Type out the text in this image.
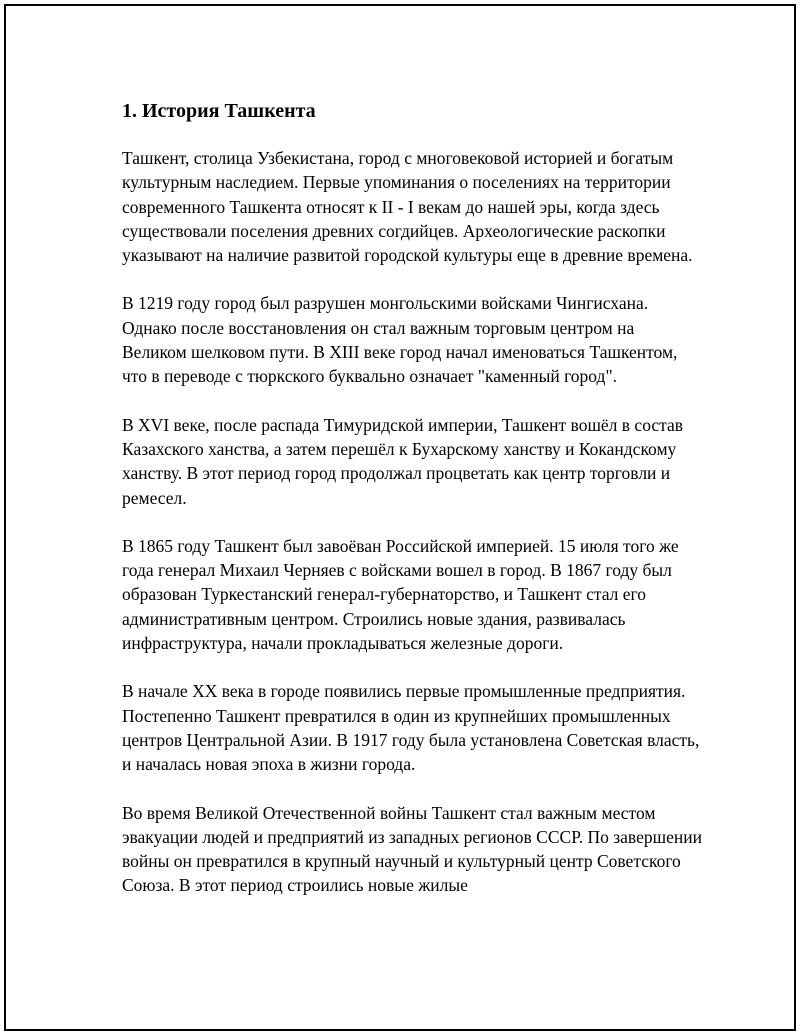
1. История Ташкента

Ташкент, столица Узбекистана, город с многовековой историей и богатым культурным наследием. Первые упоминания о поселениях на территории современного Ташкента относят к II - I векам до нашей эры, когда здесь существовали поселения древних согдийцев. Археологические раскопки указывают на наличие развитой городской культуры еще в древние времена.

В 1219 году город был разрушен монгольскими войсками Чингисхана. Однако после восстановления он стал важным торговым центром на Великом шелковом пути. В XIII веке город начал именоваться Ташкентом, что в переводе с тюркского буквально означает "каменный город".

В XVI веке, после распада Тимуридской империи, Ташкент вошёл в состав Казахского ханства, а затем перешёл к Бухарскому ханству и Кокандскому ханству. В этот период город продолжал процветать как центр торговли и ремесел.

В 1865 году Ташкент был завоёван Российской империей. 15 июля того же года генерал Михаил Черняев с войсками вошел в город. В 1867 году был образован Туркестанский генерал-губернаторство, и Ташкент стал его административным центром. Строились новые здания, развивалась инфраструктура, начали прокладываться железные дороги.

В начале XX века в городе появились первые промышленные предприятия. Постепенно Ташкент превратился в один из крупнейших промышленных центров Центральной Азии. В 1917 году была установлена Советская власть, и началась новая эпоха в жизни города.

Во время Великой Отечественной войны Ташкент стал важным местом эвакуации людей и предприятий из западных регионов СССР. По завершении войны он превратился в крупный научный и культурный центр Советского Союза. В этот период строились новые жилые
